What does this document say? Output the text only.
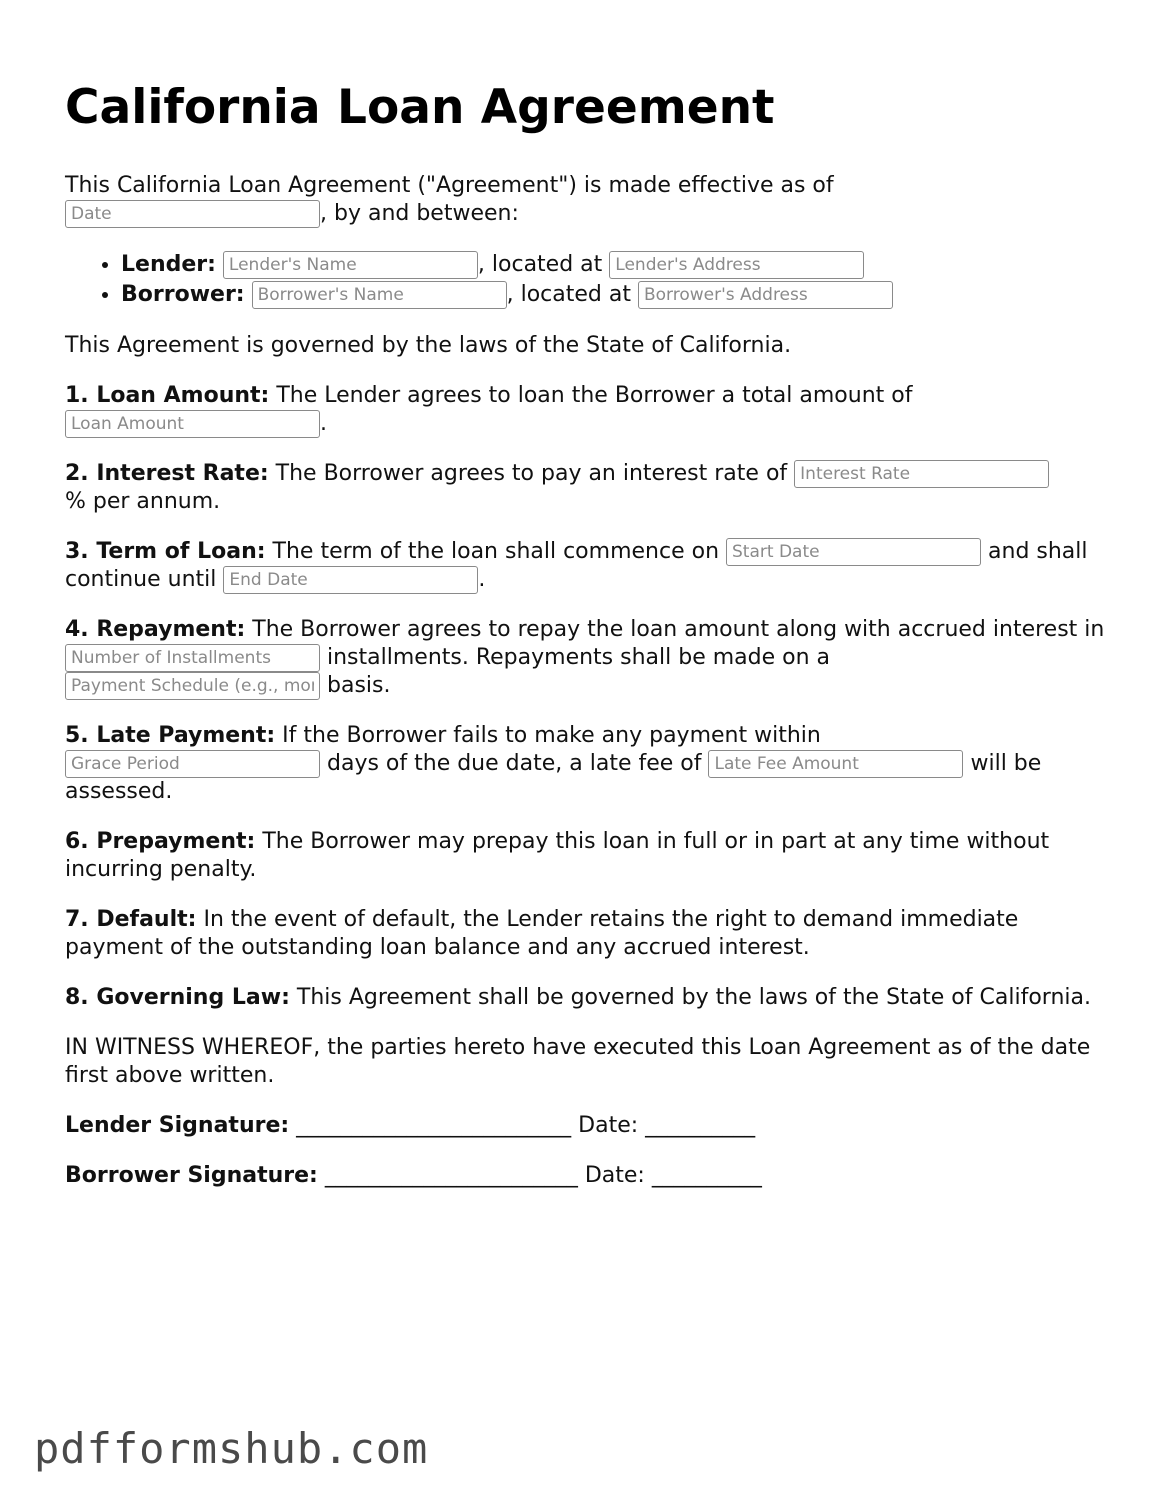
California Loan Agreement

This California Loan Agreement ("Agreement") is made effective as of
Date, by and between:

• Lender: Lender's Name	, located at Lender's Address
• Borrower: Borrower's Name	, located at Borrower's Address

This Agreement is governed by the laws of the State of California.

1. Loan Amount: The Lender agrees to loan the Borrower a total amount of
Loan Amount.

2. Interest Rate: The Borrower agrees to pay an interest rate of Interest Rate
% per annum.

3. Term of Loan: The term of the loan shall commence on Start Date	and shall continue until End Date	.

4. Repayment: The Borrower agrees to repay the loan amount along with accrued interest in Number of Installments installments. Repayments shall be made on a
Payment Schedule (e.g., monthly) basis.

5. Late Payment: If the Borrower fails to make any payment within
Grace Period days of the due date, a late fee of Late Fee Amount	will be assessed.

6. Prepayment: The Borrower may prepay this loan in full or in part at any time without incurring penalty.

7. Default: In the event of default, the Lender retains the right to demand immediate payment of the outstanding loan balance and any accrued interest.

8. Governing Law: This Agreement shall be governed by the laws of the State of California.

IN WITNESS WHEREOF, the parties hereto have executed this Loan Agreement as of the date first above written.

Lender Signature: _________________________ Date: __________
Borrower Signature: _______________________ Date: __________
pdfformshub.com
